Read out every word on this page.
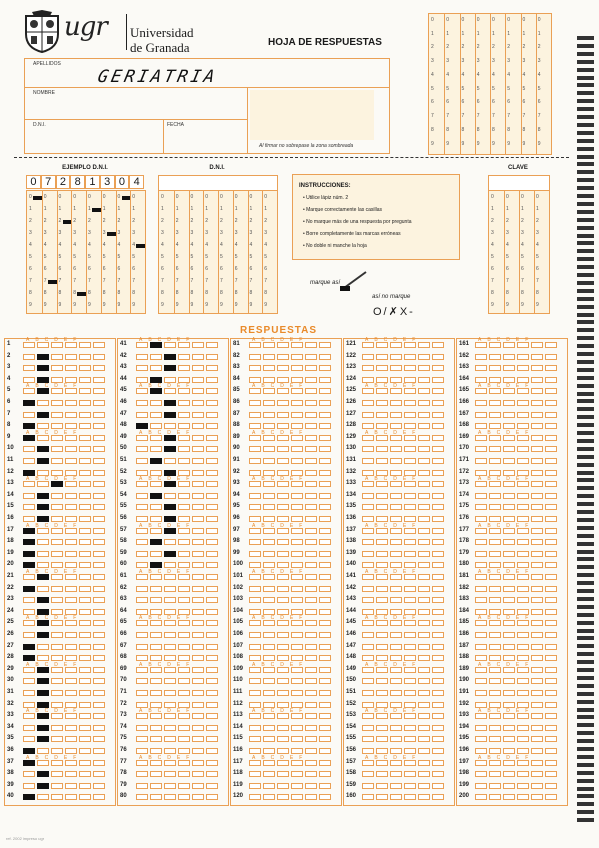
ugr Universidad
de Granada	HOJA DE RESPUESTAS
APELLIDOS
NOMBRE
D.N.I.	FECHA
Al firmar no sobrepase la zona sombreada
GERIATRIA
0
1
2
3
4
5
6
7
8
9
0
1
2
3
4
5
6
7
8
9
0
1
2
3
4
5
6
7
8
9
0
1
2
3
4
5
6
7
8
9
0
1
2
3
4
5
6
7
8
9
0
1
2
3
4
5
6
7
8
9
0
1
2
3
4
5
6
7
8
9
0
1
2
3
4
5
6
7
8
9
EJEMPLO D.N.I.
0 7 2 8 1 3 0 4
0
1
2
3
4
5
6
7
8
9
0
1
2
3
4
5
6
7
8
9
0
1
2
3
4
5
6
7
8
9
0
1
2
3
4
5
6
7
8
9
0
1
2
3
4
5
6
7
8
9
0
1
2
3
4
5
6
7
8
9
0
1
2
3
4
5
6
7
8
9
0
1
2
3
4
5
6
7
8
9
D.N.I.
0
1
2
3
4
5
6
7
8
9
0
1
2
3
4
5
6
7
8
9
0
1
2
3
4
5
6
7
8
9
0
1
2
3
4
5
6
7
8
9
0
1
2
3
4
5
6
7
8
9
0
1
2
3
4
5
6
7
8
9
0
1
2
3
4
5
6
7
8
9
0
1
2
3
4
5
6
7
8
9
CLAVE
0
1
2
3
4
5
6
7
8
9
0
1
2
3
4
5
6
7
8
9
0
1
2
3
4
5
6
7
8
9
0
1
2
3
4
5
6
7
8
9
INSTRUCCIONES:
• Utilice lápiz núm. 2
• Marque correctamente las casillas
• No marque más de una respuesta por pregunta
• Borre completamente las marcas erróneas
• No doble ni manche la hoja
marque así
así no marque
O/✗X-
RESPUESTAS
1
ABCDEF
2
3
4
5
ABCDEF
6
7
8
9
ABCDEF
10
11
12
13
ABCDEF
14
15
16
17
ABCDEF
18
19
20
21
ABCDEF
22
23
24
25
ABCDEF
26
27
28
29
ABCDEF
30
31
32
33
ABCDEF
34
35
36
37
ABCDEF
38
39
40
41
ABCDEF
42
43
44
45
ABCDEF
46
47
48
49
ABCDEF
50
51
52
53
ABCDEF
54
55
56
57
ABCDEF
58
59
60
61
ABCDEF
62
63
64
65
ABCDEF
66
67
68
69
ABCDEF
70
71
72
73
ABCDEF
74
75
76
77
ABCDEF
78
79
80
81
ABCDEF
82
83
84
85
ABCDEF
86
87
88
89
ABCDEF
90
91
92
93
ABCDEF
94
95
96
97
ABCDEF
98
99
100
101
ABCDEF
102
103
104
105
ABCDEF
106
107
108
109
ABCDEF
110
111
112
113
ABCDEF
114
115
116
117
ABCDEF
118
119
120
121
ABCDEF
122
123
124
125
ABCDEF
126
127
128
129
ABCDEF
130
131
132
133
ABCDEF
134
135
136
137
ABCDEF
138
139
140
141
ABCDEF
142
143
144
145
ABCDEF
146
147
148
149
ABCDEF
150
151
152
153
ABCDEF
154
155
156
157
ABCDEF
158
159
160
161
ABCDEF
162
163
164
165
ABCDEF
166
167
168
169
ABCDEF
170
171
172
173
ABCDEF
174
175
176
177
ABCDEF
178
179
180
181
ABCDEF
182
183
184
185
ABCDEF
186
187
188
189
ABCDEF
190
191
192
193
ABCDEF
194
195
196
197
ABCDEF
198
199
200
ref. 2002 impreso ugr
